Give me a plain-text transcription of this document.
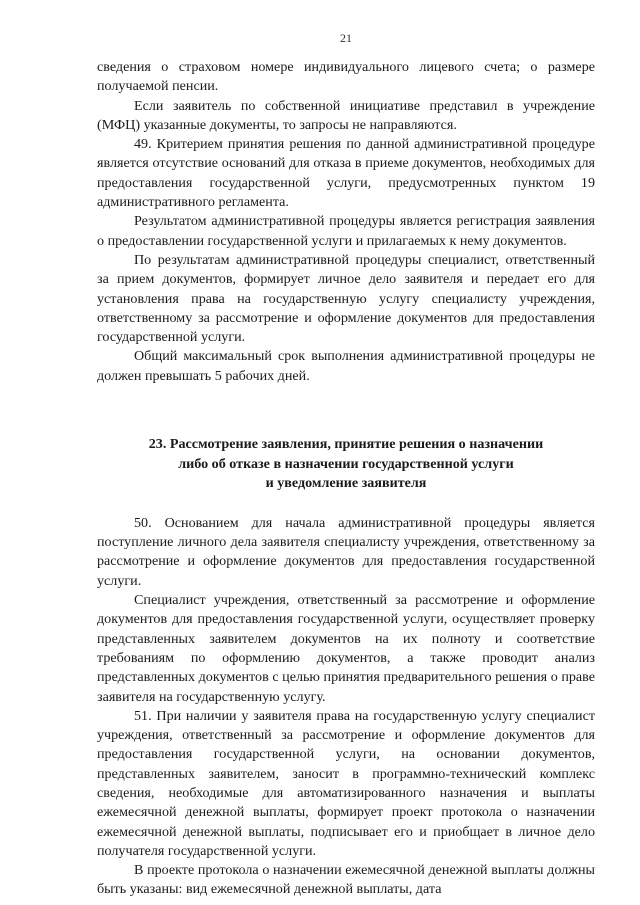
21

сведения о страховом номере индивидуального лицевого счета; о размере получаемой пенсии.

Если заявитель по собственной инициативе представил в учреждение (МФЦ) указанные документы, то запросы не направляются.

49. Критерием принятия решения по данной административной процедуре является отсутствие оснований для отказа в приеме документов, необходимых для предоставления государственной услуги, предусмотренных пунктом 19 административного регламента.

Результатом административной процедуры является регистрация заявления о предоставлении государственной услуги и прилагаемых к нему документов.

По результатам административной процедуры специалист, ответственный за прием документов, формирует личное дело заявителя и передает его для установления права на государственную услугу специалисту учреждения, ответственному за рассмотрение и оформление документов для предоставления государственной услуги.

Общий максимальный срок выполнения административной процедуры не должен превышать 5 рабочих дней.

23. Рассмотрение заявления, принятие решения о назначении
либо об отказе в назначении государственной услуги
и уведомление заявителя

50. Основанием для начала административной процедуры является поступление личного дела заявителя специалисту учреждения, ответственному за рассмотрение и оформление документов для предоставления государственной услуги.

Специалист учреждения, ответственный за рассмотрение и оформление документов для предоставления государственной услуги, осуществляет проверку представленных заявителем документов на их полноту и соответствие требованиям по оформлению документов, а также проводит анализ представленных документов с целью принятия предварительного решения о праве заявителя на государственную услугу.

51. При наличии у заявителя права на государственную услугу специалист учреждения, ответственный за рассмотрение и оформление документов для предоставления государственной услуги, на основании документов, представленных заявителем, заносит в программно-технический комплекс сведения, необходимые для автоматизированного назначения и выплаты ежемесячной денежной выплаты, формирует проект протокола о назначении ежемесячной денежной выплаты, подписывает его и приобщает в личное дело получателя государственной услуги.

В проекте протокола о назначении ежемесячной денежной выплаты должны быть указаны: вид ежемесячной денежной выплаты, дата
